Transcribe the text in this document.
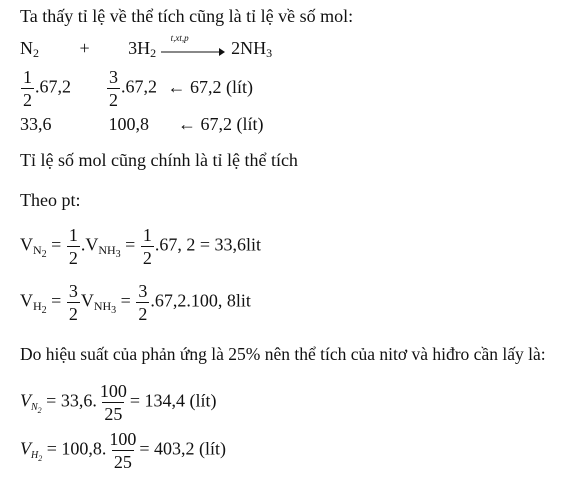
Ta thấy tỉ lệ về thể tích cũng là tỉ lệ về số mol:
$N_2 + 3H_2$
t,xt,p
$2NH_3$
$\frac{1}{2} .67,2 \frac{3}{2} .67,2$ ← 67,2 (lít)
33,6	100,8 ← 67,2 (lít)
Tỉ lệ số mol cũng chính là tỉ lệ thể tích
Theo pt:
$V_{N_2} = \frac{1}{2} .V_{NH_3} = \frac{1}{2} .67$, 2 = 33,6lit
$V_{H_2} = \frac{3}{2} V_{NH_3} = \frac{3}{2} .67,2.100$, 8lit
Do hiệu suất của phản ứng là 25% nên thể tích của nitơ và hiđro cần lấy là:
$V_{N_2} = 33,6$. $\frac{100}{25} = 134,4$ (lít)
$V_{H_2} = 100,8$. $\frac{100}{25} = 403,2$ (lít)
